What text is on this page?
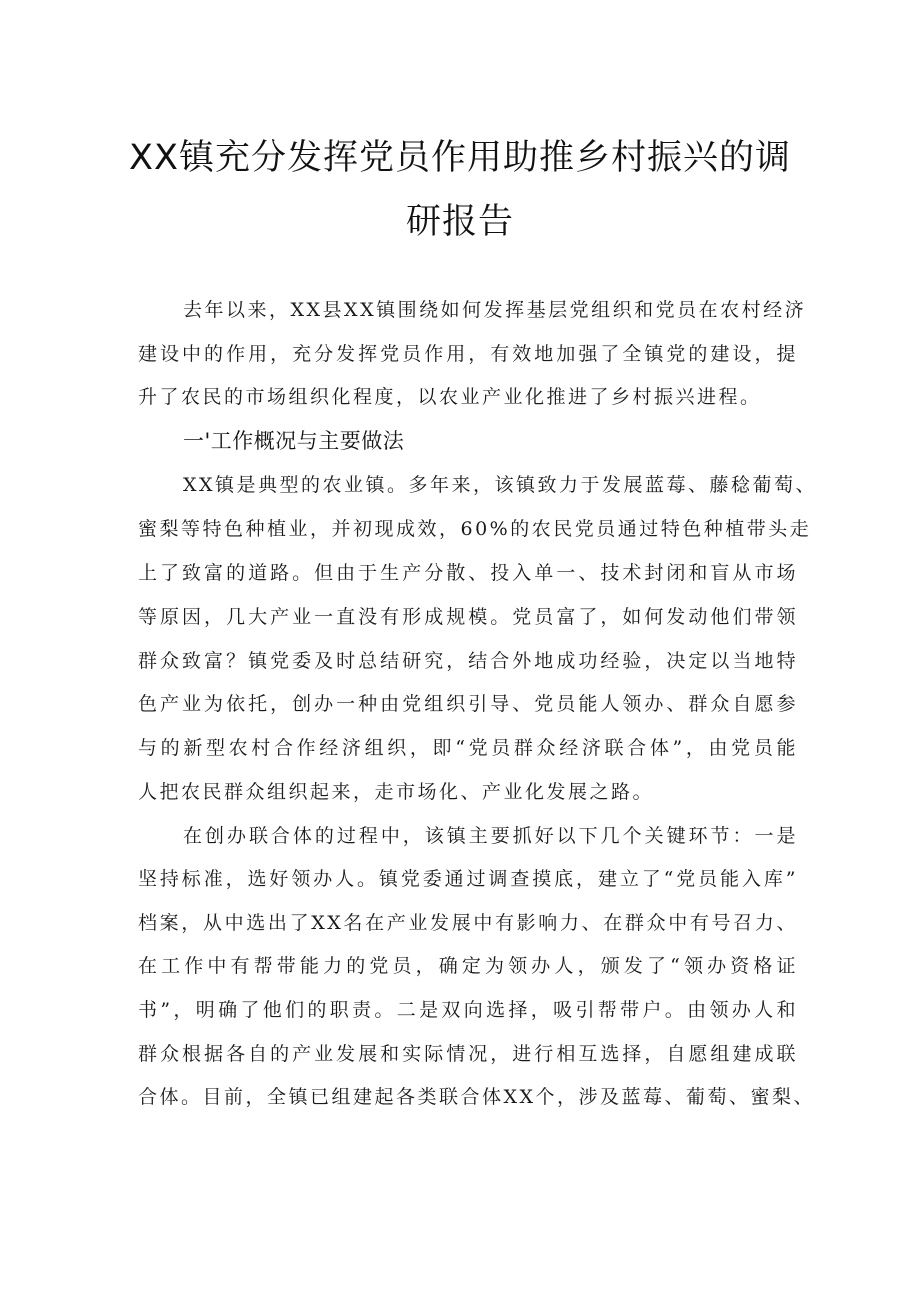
XX镇充分发挥党员作用助推乡村振兴的调
研报告
去年以来，XX县XX镇围绕如何发挥基层党组织和党员在农村经济
建设中的作用，充分发挥党员作用，有效地加强了全镇党的建设，提
升了农民的市场组织化程度，以农业产业化推进了乡村振兴进程。
一'工作概况与主要做法
XX镇是典型的农业镇。多年来，该镇致力于发展蓝莓、藤稔葡萄、
蜜梨等特色种植业，并初现成效，60%的农民党员通过特色种植带头走
上了致富的道路。但由于生产分散、投入单一、技术封闭和盲从市场
等原因，几大产业一直没有形成规模。党员富了，如何发动他们带领
群众致富？镇党委及时总结研究，结合外地成功经验，决定以当地特
色产业为依托，创办一种由党组织引导、党员能人领办、群众自愿参
与的新型农村合作经济组织，即“党员群众经济联合体”，由党员能
人把农民群众组织起来，走市场化、产业化发展之路。
在创办联合体的过程中，该镇主要抓好以下几个关键环节：一是
坚持标准，选好领办人。镇党委通过调查摸底，建立了“党员能入库”
档案，从中选出了XX名在产业发展中有影响力、在群众中有号召力、
在工作中有帮带能力的党员，确定为领办人，颁发了“领办资格证
书”，明确了他们的职责。二是双向选择，吸引帮带户。由领办人和
群众根据各自的产业发展和实际情况，进行相互选择，自愿组建成联
合体。目前，全镇已组建起各类联合体XX个，涉及蓝莓、葡萄、蜜梨、
